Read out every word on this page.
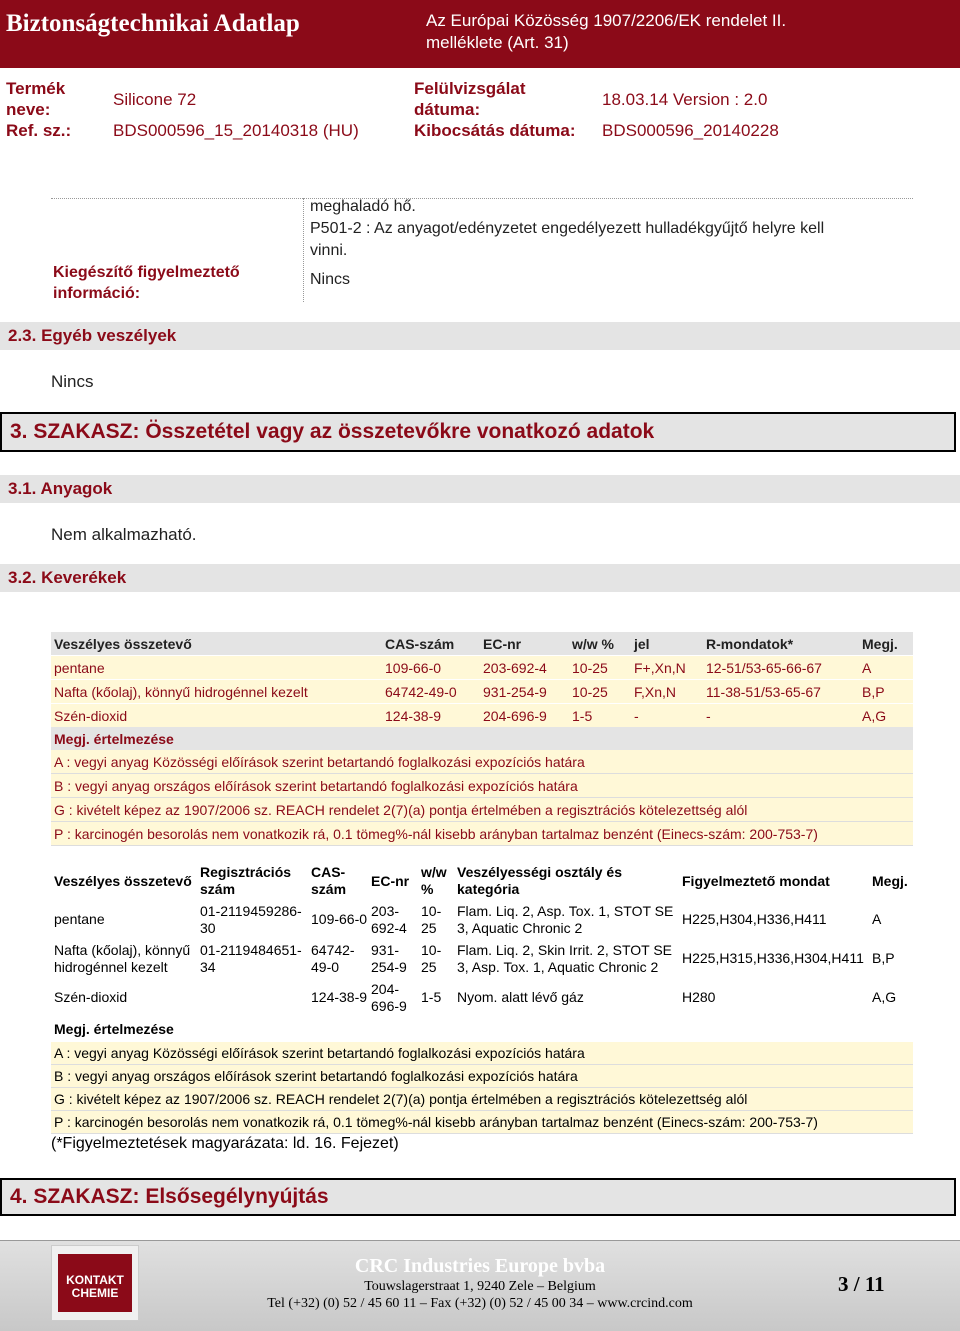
Biztonságtechnikai Adatlap	Az Európai Közösség 1907/2206/EK rendelet II.
melléklete (Art. 31)
Termék
neve:
Silicone 72
Felülvizsgálat
dátuma:
18.03.14 Version : 2.0
Ref. sz.: BDS000596_15_20140318 (HU)	Kibocsátás dátuma: BDS000596_20140228
Kiegészítő figyelmeztető
információ:
meghaladó hő.
P501-2 : Az anyagot/edényzetet engedélyezett hulladékgyűjtő helyre kell
vinni.
Nincs
2.3. Egyéb veszélyek
Nincs
3. SZAKASZ: Összetétel vagy az összetevőkre vonatkozó adatok
3.1. Anyagok
Nem alkalmazható.
3.2. Keverékek
Veszélyes összetevő	CAS-szám	EC-nr	w/w %	jel	R-mondatok*	Megj.
pentane	109-66-0	203-692-4	10-25	F+,Xn,N	12-51/53-65-66-67	A
Nafta (kőolaj), könnyű hidrogénnel kezelt	64742-49-0	931-254-9	10-25	F,Xn,N	11-38-51/53-65-67	B,P
Szén-dioxid	124-38-9	204-696-9	1-5	-	-	A,G
Megj. értelmezése						
A : vegyi anyag Közösségi előírások szerint betartandó foglalkozási expozíciós határa						
B : vegyi anyag országos előírások szerint betartandó foglalkozási expozíciós határa						
G : kivételt képez az 1907/2006 sz. REACH rendelet 2(7)(a) pontja értelmében a regisztrációs kötelezettség alól						
P : karcinogén besorolás nem vonatkozik rá, 0.1 tömeg%-nál kisebb arányban tartalmaz benzént (Einecs-szám: 200-753-7)						
Veszélyes összetevő	Regisztrációs szám	CAS-szám	EC-nr	w/w %	Veszélyességi osztály és kategória	Figyelmeztető mondat	Megj.
pentane	01-2119459286-30	109-66-0	203-692-4	10-25	Flam. Liq. 2, Asp. Tox. 1, STOT SE 3, Aquatic Chronic 2	H225,H304,H336,H411	A
Nafta (kőolaj), könnyű hidrogénnel kezelt	01-2119484651-34	64742-49-0	931-254-9	10-25	Flam. Liq. 2, Skin Irrit. 2, STOT SE 3, Asp. Tox. 1, Aquatic Chronic 2	H225,H315,H336,H304,H411	B,P
Szén-dioxid		124-38-9	204-696-9	1-5	Nyom. alatt lévő gáz	H280	A,G
Megj. értelmezése							
A : vegyi anyag Közösségi előírások szerint betartandó foglalkozási expozíciós határa							
B : vegyi anyag országos előírások szerint betartandó foglalkozási expozíciós határa							
G : kivételt képez az 1907/2006 sz. REACH rendelet 2(7)(a) pontja értelmében a regisztrációs kötelezettség alól							
P : karcinogén besorolás nem vonatkozik rá, 0.1 tömeg%-nál kisebb arányban tartalmaz benzént (Einecs-szám: 200-753-7)							
(*Figyelmeztetések magyarázata: ld. 16. Fejezet)
4. SZAKASZ: Elsősegélynyújtás
KONTAKT
CHEMIE
CRC Industries Europe bvba
Touwslagerstraat 1, 9240 Zele – Belgium
Tel (+32) (0) 52 / 45 60 11 – Fax (+32) (0) 52 / 45 00 34 – www.crcind.com
3 / 11
